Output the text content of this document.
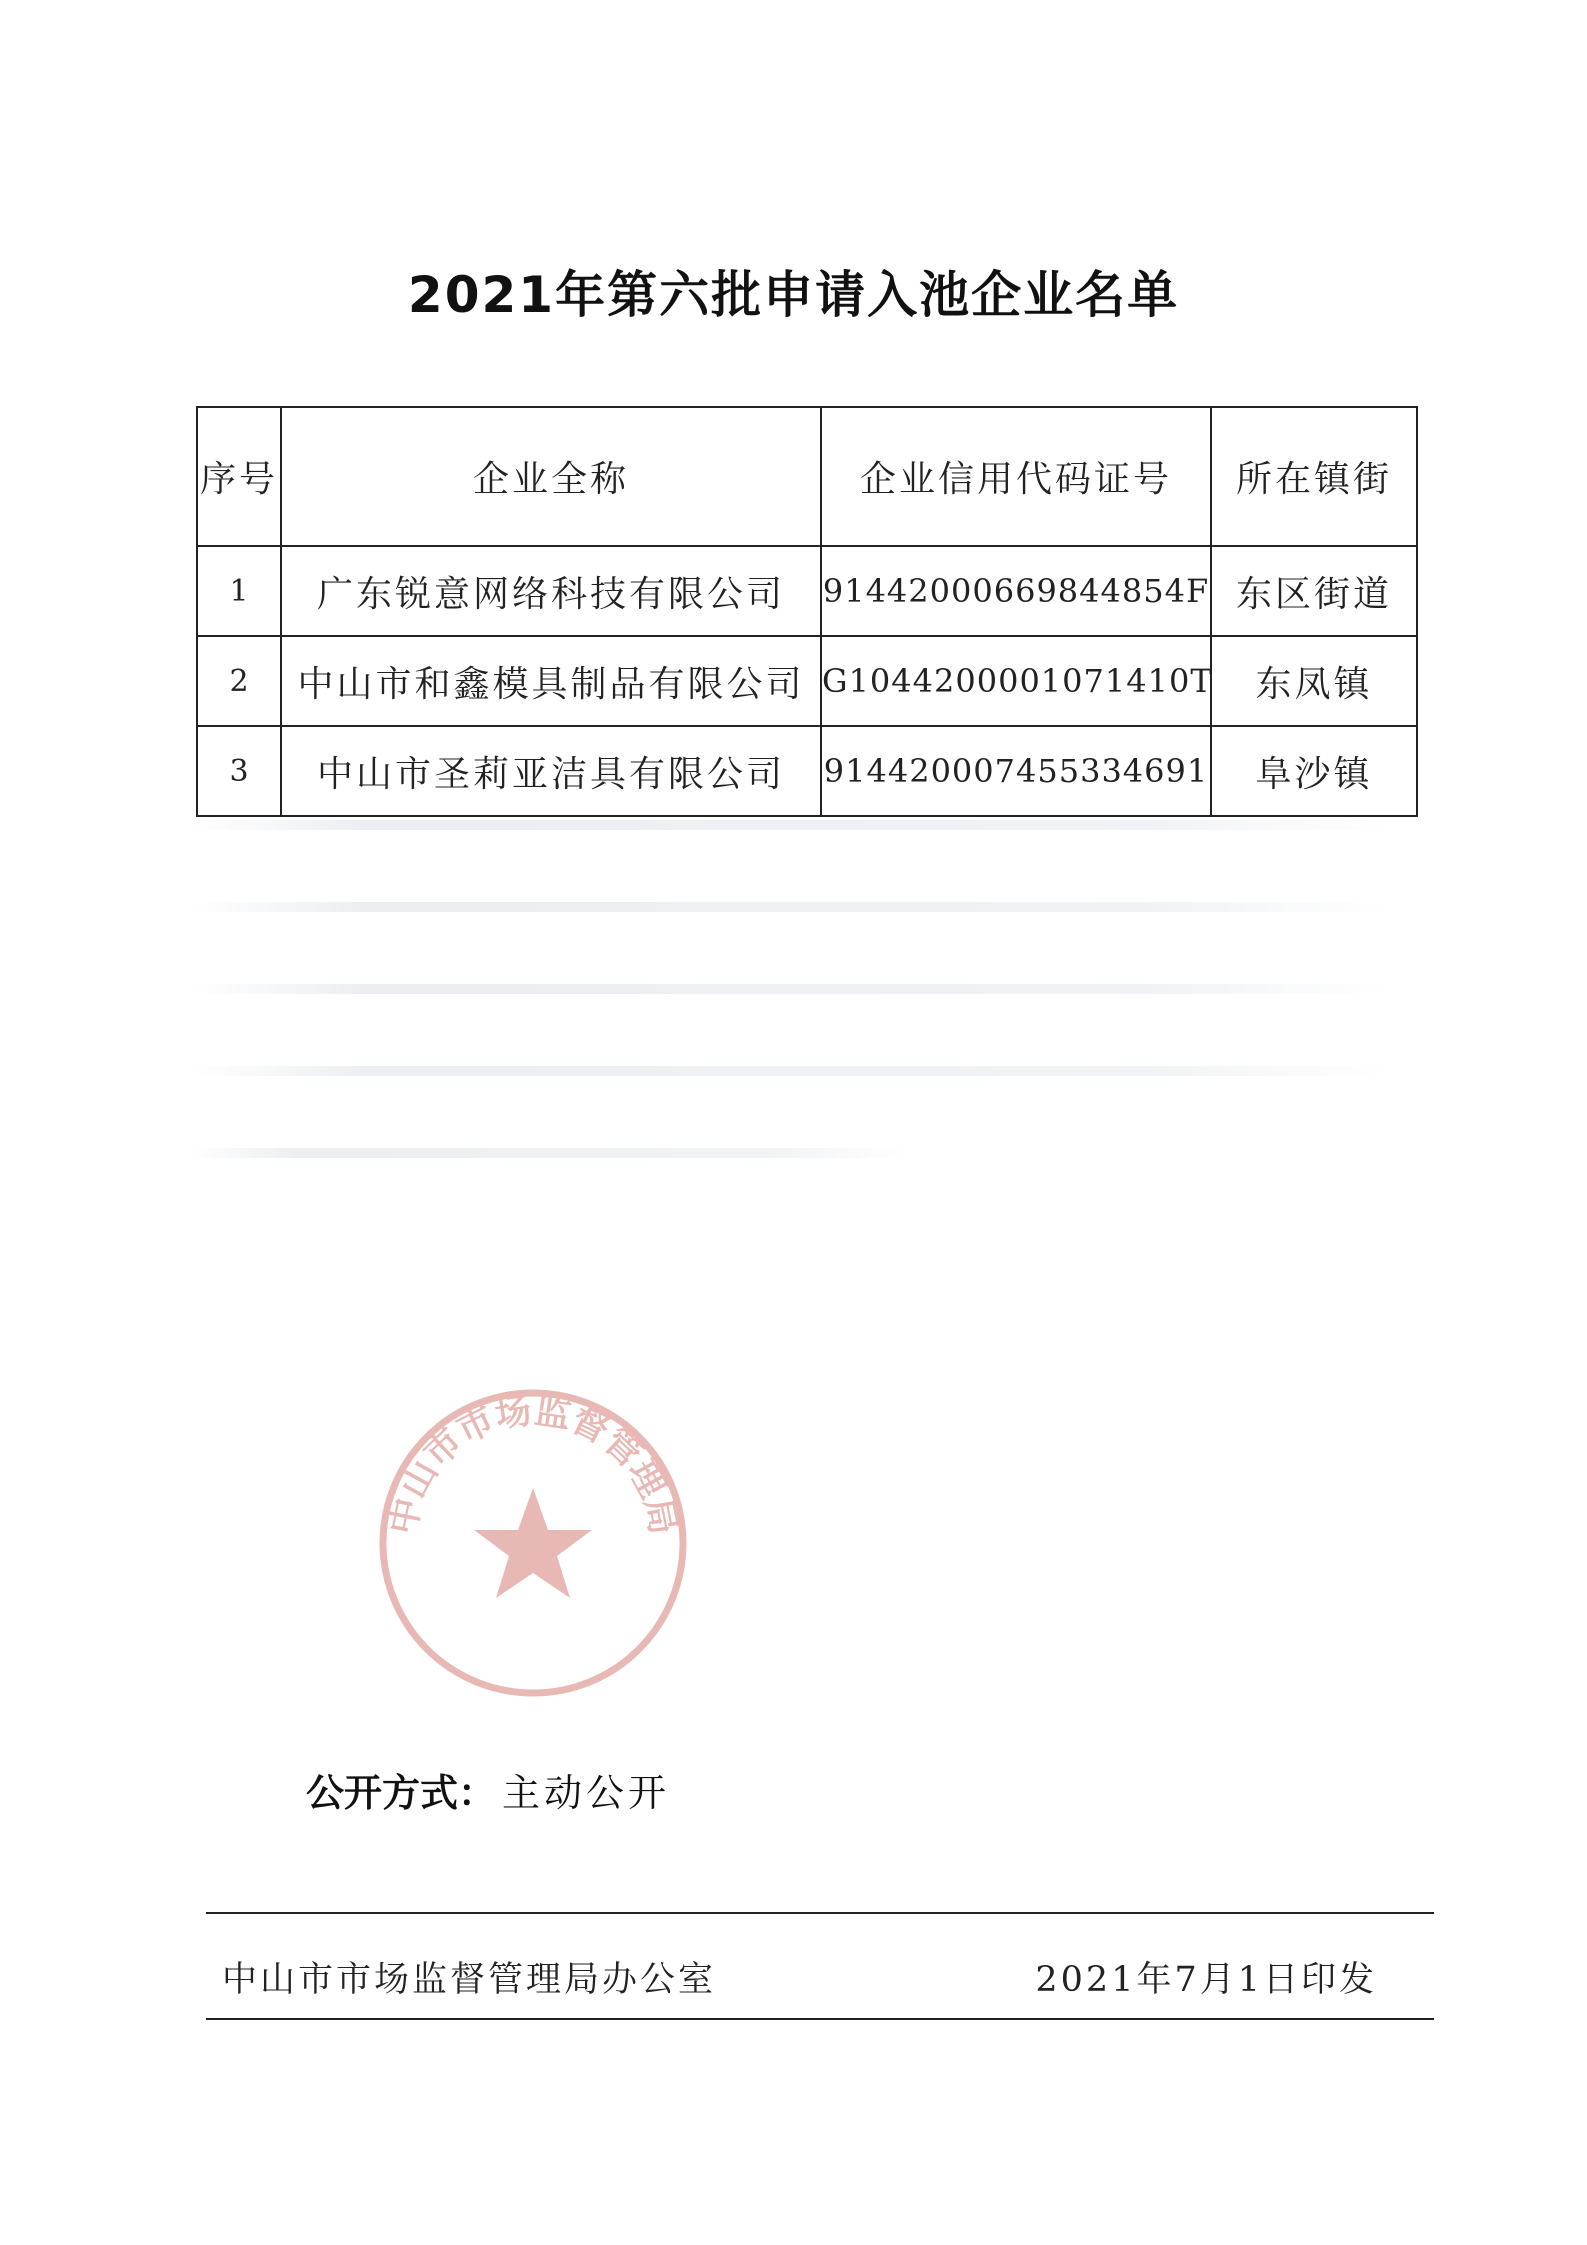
2021年第六批申请入池企业名单
序号	企业全称	企业信用代码证号	所在镇街
1	广东锐意网络科技有限公司	91442000669844854F	东区街道
2	中山市和鑫模具制品有限公司	G1044200001071410T	东凤镇
3	中山市圣莉亚洁具有限公司	914420007455334691	阜沙镇
中山市市场监督管理局
公开方式： 主动公开
中山市市场监督管理局办公室	2021年7月1日印发
